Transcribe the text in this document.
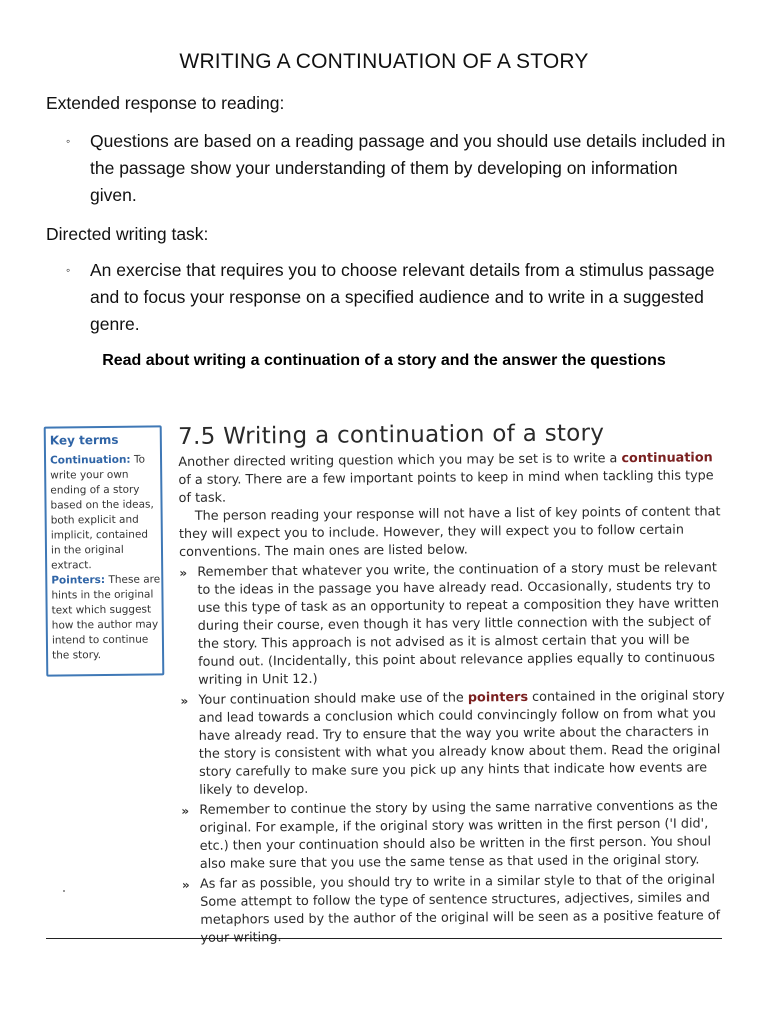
WRITING A CONTINUATION OF A STORY
Extended response to reading:
◦	Questions are based on a reading passage and you should use details included in the passage show your understanding of them by developing on information given.
Directed writing task:
◦	An exercise that requires you to choose relevant details from a stimulus passage and to focus your response on a specified audience and to write in a suggested genre.
Read about writing a continuation of a story and the answer the questions
Key terms
Continuation: To write your own ending of a story based on the ideas, both explicit and implicit, contained in the original extract.
Pointers: These are hints in the original text which suggest how the author may intend to continue the story.
7.5 Writing a continuation of a story
Another directed writing question which you may be set is to write a continuation of a story. There are a few important points to keep in mind when tackling this type of task.
The person reading your response will not have a list of key points of content that they will expect you to include. However, they will expect you to follow certain conventions. The main ones are listed below.
» Remember that whatever you write, the continuation of a story must be relevant to the ideas in the passage you have already read. Occasionally, students try to use this type of task as an opportunity to repeat a composition they have written during their course, even though it has very little connection with the subject of the story. This approach is not advised as it is almost certain that you will be found out. (Incidentally, this point about relevance applies equally to continuous writing in Unit 12.)
» Your continuation should make use of the pointers contained in the original story and lead towards a conclusion which could convincingly follow on from what you have already read. Try to ensure that the way you write about the characters in the story is consistent with what you already know about them. Read the original story carefully to make sure you pick up any hints that indicate how events are likely to develop.
» Remember to continue the story by using the same narrative conventions as the original. For example, if the original story was written in the first person ('I did', etc.) then your continuation should also be written in the first person. You shoul also make sure that you use the same tense as that used in the original story.
» As far as possible, you should try to write in a similar style to that of the original Some attempt to follow the type of sentence structures, adjectives, similes and metaphors used by the author of the original will be seen as a positive feature of your writing.
